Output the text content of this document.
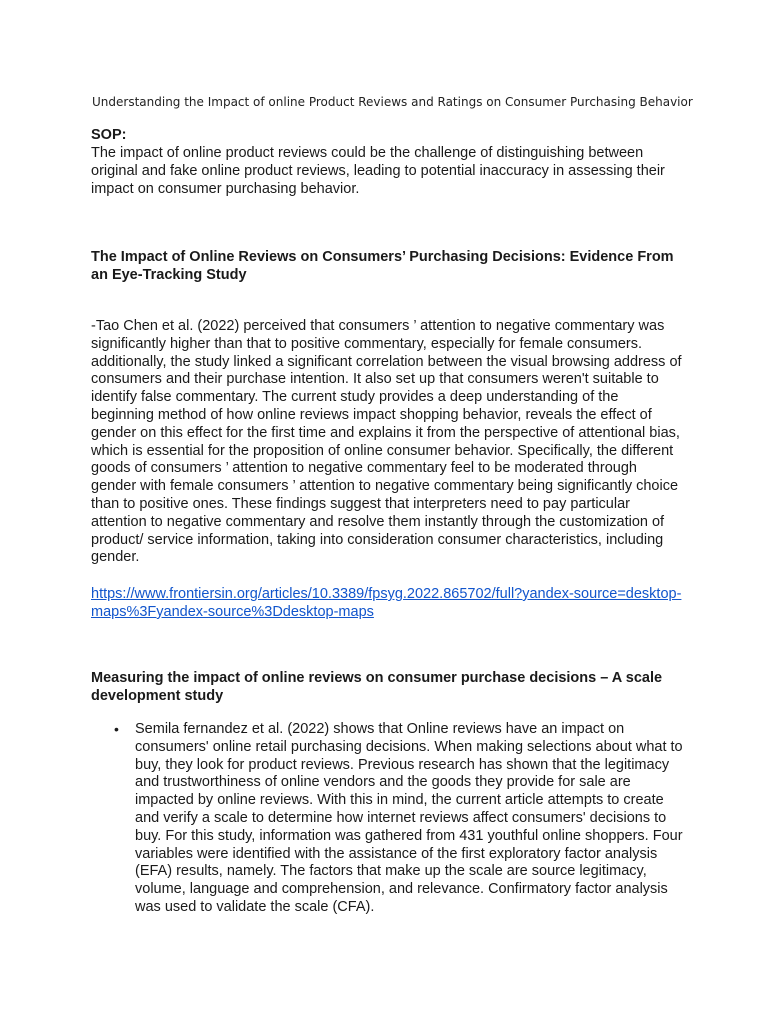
Understanding the Impact of online Product Reviews and Ratings on Consumer Purchasing Behavior
SOP:
The impact of online product reviews could be the challenge of distinguishing between original and fake online product reviews, leading to potential inaccuracy in assessing their impact on consumer purchasing behavior.
The Impact of Online Reviews on Consumers’ Purchasing Decisions: Evidence From an Eye-Tracking Study
-Tao Chen et al. (2022) perceived that consumers ’ attention to negative commentary was significantly higher than that to positive commentary, especially for female consumers. additionally, the study linked a significant correlation between the visual browsing address of consumers and their purchase intention. It also set up that consumers weren't suitable to identify false commentary. The current study provides a deep understanding of the beginning method of how online reviews impact shopping behavior, reveals the effect of gender on this effect for the first time and explains it from the perspective of attentional bias, which is essential for the proposition of online consumer behavior. Specifically, the different goods of consumers ’ attention to negative commentary feel to be moderated through gender with female consumers ’ attention to negative commentary being significantly choice than to positive ones. These findings suggest that interpreters need to pay particular attention to negative commentary and resolve them instantly through the customization of product/ service information, taking into consideration consumer characteristics, including gender.
https://www.frontiersin.org/articles/10.3389/fpsyg.2022.865702/full?yandex-source=desktop-maps%3Fyandex-source%3Ddesktop-maps
Measuring the impact of online reviews on consumer purchase decisions – A scale development study
• Semila fernandez et al. (2022) shows that Online reviews have an impact on consumers' online retail purchasing decisions. When making selections about what to buy, they look for product reviews. Previous research has shown that the legitimacy and trustworthiness of online vendors and the goods they provide for sale are impacted by online reviews. With this in mind, the current article attempts to create and verify a scale to determine how internet reviews affect consumers' decisions to buy. For this study, information was gathered from 431 youthful online shoppers. Four variables were identified with the assistance of the first exploratory factor analysis (EFA) results, namely. The factors that make up the scale are source legitimacy, volume, language and comprehension, and relevance. Confirmatory factor analysis was used to validate the scale (CFA).
